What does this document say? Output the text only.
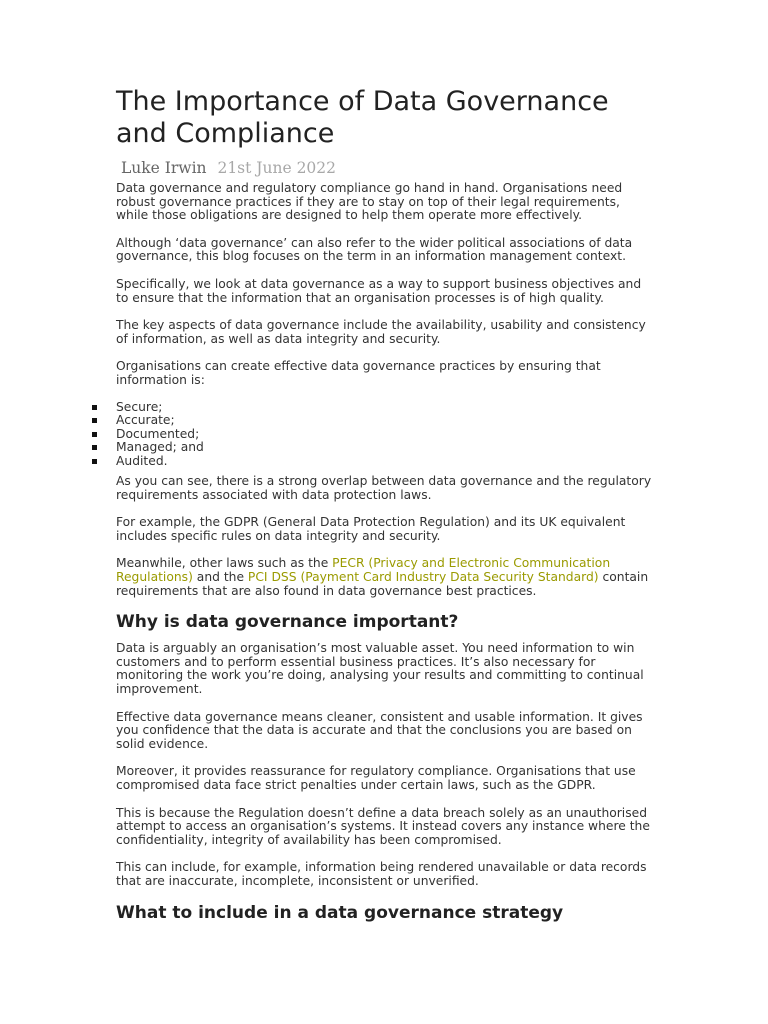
The Importance of Data Governance and Compliance
Luke Irwin 21st June 2022

Data governance and regulatory compliance go hand in hand. Organisations need robust governance practices if they are to stay on top of their legal requirements, while those obligations are designed to help them operate more effectively.

Although ‘data governance’ can also refer to the wider political associations of data governance, this blog focuses on the term in an information management context.

Specifically, we look at data governance as a way to support business objectives and to ensure that the information that an organisation processes is of high quality.

The key aspects of data governance include the availability, usability and consistency of information, as well as data integrity and security.

Organisations can create effective data governance practices by ensuring that information is:

Secure;
Accurate;
Documented;
Managed; and
Audited.

As you can see, there is a strong overlap between data governance and the regulatory requirements associated with data protection laws.

For example, the GDPR (General Data Protection Regulation) and its UK equivalent includes specific rules on data integrity and security.

Meanwhile, other laws such as the PECR (Privacy and Electronic Communication Regulations) and the PCI DSS (Payment Card Industry Data Security Standard) contain requirements that are also found in data governance best practices.

Why is data governance important?

Data is arguably an organisation’s most valuable asset. You need information to win customers and to perform essential business practices. It’s also necessary for monitoring the work you’re doing, analysing your results and committing to continual improvement.

Effective data governance means cleaner, consistent and usable information. It gives you confidence that the data is accurate and that the conclusions you are based on solid evidence.

Moreover, it provides reassurance for regulatory compliance. Organisations that use compromised data face strict penalties under certain laws, such as the GDPR.

This is because the Regulation doesn’t define a data breach solely as an unauthorised attempt to access an organisation’s systems. It instead covers any instance where the confidentiality, integrity of availability has been compromised.

This can include, for example, information being rendered unavailable or data records that are inaccurate, incomplete, inconsistent or unverified.

What to include in a data governance strategy
